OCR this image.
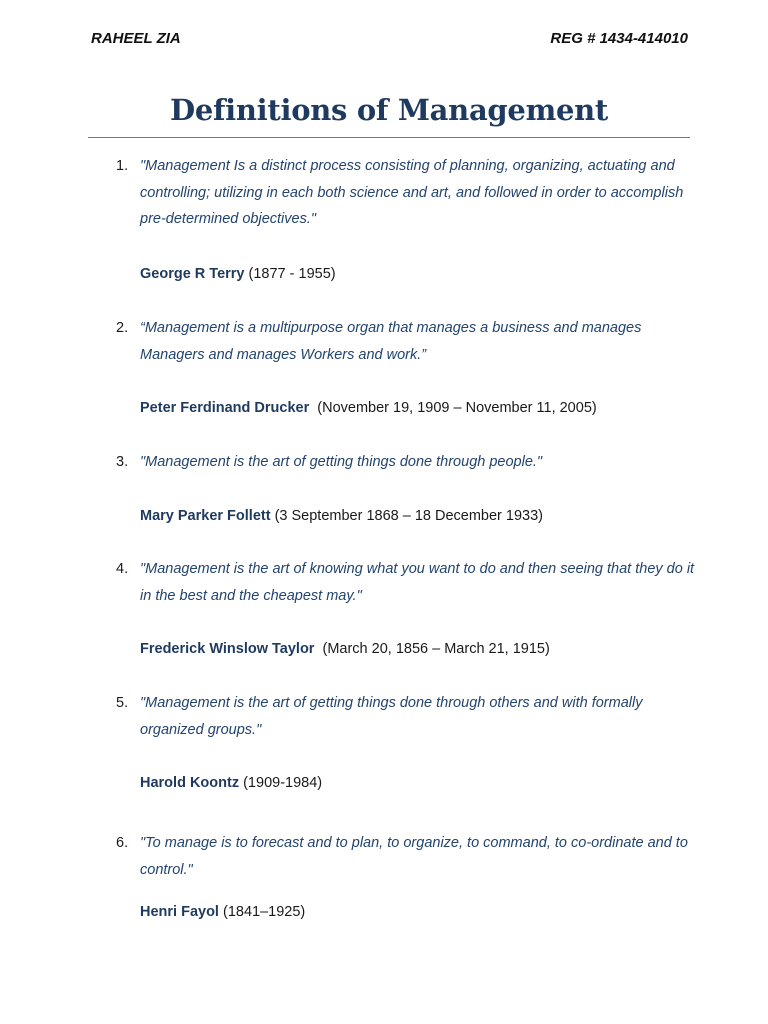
RAHEEL ZIA	REG # 1434-414010
Definitions of Management
1. "Management Is a distinct process consisting of planning, organizing, actuating and controlling; utilizing in each both science and art, and followed in order to accomplish pre-determined objectives."
George R Terry (1877 - 1955)
2. “Management is a multipurpose organ that manages a business and manages Managers and manages Workers and work.”
Peter Ferdinand Drucker  (November 19, 1909 – November 11, 2005)
3. "Management is the art of getting things done through people."
Mary Parker Follett (3 September 1868 – 18 December 1933)
4. "Management is the art of knowing what you want to do and then seeing that they do it in the best and the cheapest may."
Frederick Winslow Taylor  (March 20, 1856 – March 21, 1915)
5. "Management is the art of getting things done through others and with formally organized groups."
Harold Koontz (1909-1984)
6. "To manage is to forecast and to plan, to organize, to command, to co-ordinate and to control."
Henri Fayol (1841–1925)
